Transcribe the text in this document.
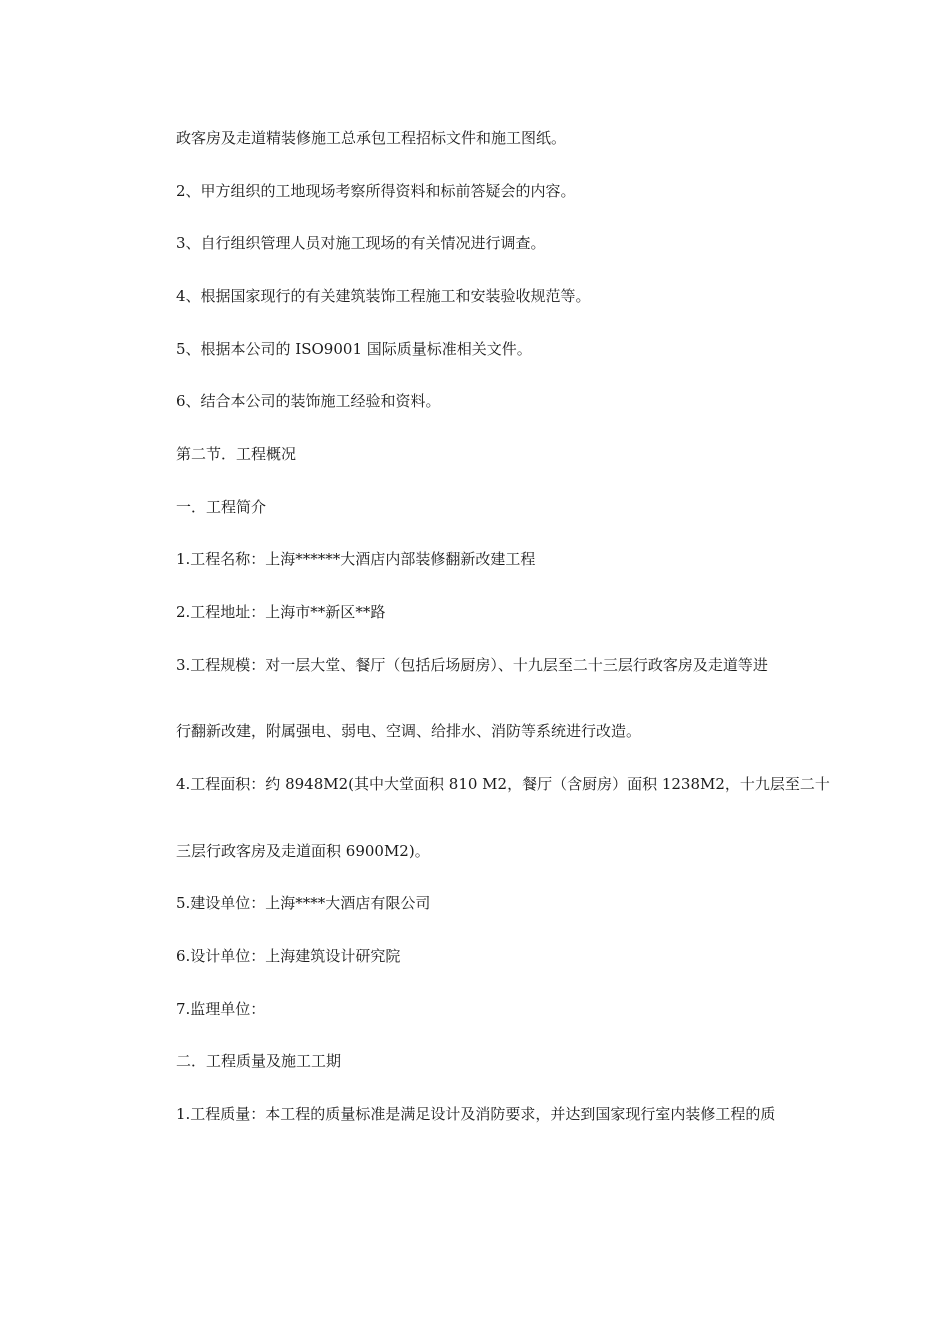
政客房及走道精装修施工总承包工程招标文件和施工图纸。
2、甲方组织的工地现场考察所得资料和标前答疑会的内容。
3、自行组织管理人员对施工现场的有关情况进行调查。
4、根据国家现行的有关建筑装饰工程施工和安装验收规范等。
5、根据本公司的 ISO9001 国际质量标准相关文件。
6、结合本公司的装饰施工经验和资料。
第二节．工程概况
一．工程简介
1.工程名称：上海******大酒店内部装修翻新改建工程
2.工程地址：上海市**新区**路
3.工程规模：对一层大堂、餐厅（包括后场厨房）、十九层至二十三层行政客房及走道等进
行翻新改建，附属强电、弱电、空调、给排水、消防等系统进行改造。
4.工程面积：约 8948M2(其中大堂面积 810 M2，餐厅（含厨房）面积 1238M2，十九层至二十
三层行政客房及走道面积 6900M2)。
5.建设单位：上海****大酒店有限公司
6.设计单位：上海建筑设计研究院
7.监理单位：
二．工程质量及施工工期
1.工程质量：本工程的质量标准是满足设计及消防要求，并达到国家现行室内装修工程的质
